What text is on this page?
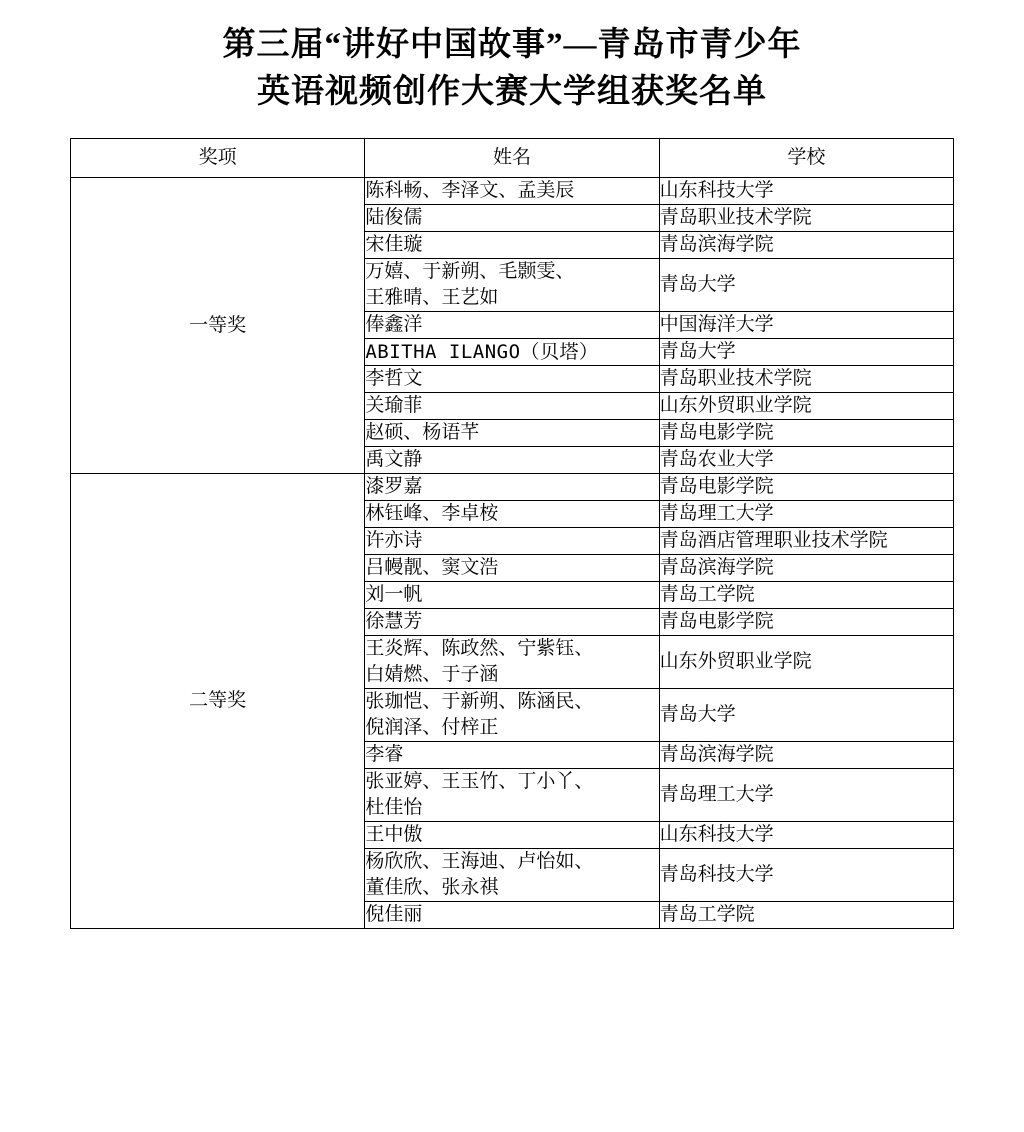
第三届“讲好中国故事”—青岛市青少年
英语视频创作大赛大学组获奖名单
奖项	姓名	学校
一等奖	陈科畅、李泽文、孟美辰	山东科技大学

	陆俊儒	青岛职业技术学院

	宋佳璇	青岛滨海学院

	万嬉、于新朔、毛颢雯、
王雅晴、王艺如	青岛大学

	俸鑫洋	中国海洋大学

	ABITHA ILANGO（贝塔）	青岛大学

	李哲文	青岛职业技术学院

	关瑜菲	山东外贸职业学院

	赵硕、杨语芊	青岛电影学院

	禹文静	青岛农业大学

二等奖	漆罗嘉	青岛电影学院

	林钰峰、李卓桉	青岛理工大学

	许亦诗	青岛酒店管理职业技术学院

	吕幔靓、窦文浩	青岛滨海学院

	刘一帆	青岛工学院

	徐慧芳	青岛电影学院

	王炎辉、陈政然、宁紫钰、
白婧燃、于子涵	山东外贸职业学院

	张珈恺、于新朔、陈涵民、
倪润泽、付梓正	青岛大学

	李睿	青岛滨海学院

	张亚婷、王玉竹、丁小丫、
杜佳怡	青岛理工大学

	王中傲	山东科技大学

	杨欣欣、王海迪、卢怡如、
董佳欣、张永祺	青岛科技大学

	倪佳丽	青岛工学院
